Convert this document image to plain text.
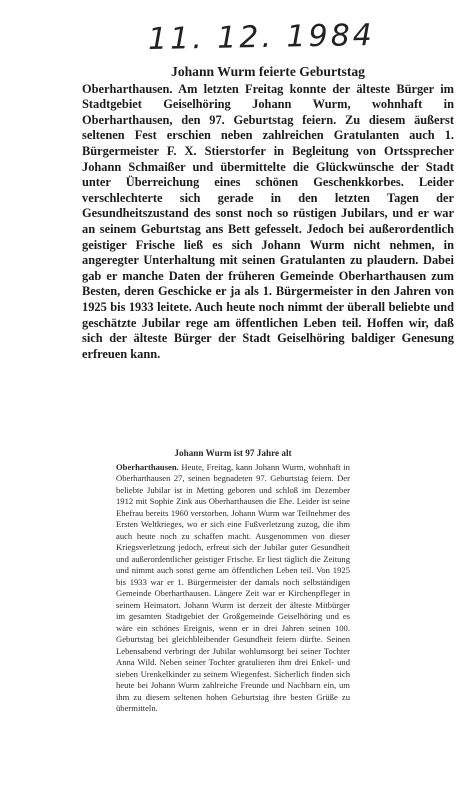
11. 12. 1984
Johann Wurm feierte Geburtstag

Oberharthausen. Am letzten Freitag konnte der älteste Bürger im Stadtgebiet Geiselhöring Johann Wurm, wohnhaft in Oberharthausen, den 97. Geburtstag feiern. Zu diesem äußerst seltenen Fest erschien neben zahlreichen Gratulanten auch 1. Bürgermeister F. X. Stierstorfer in Begleitung von Ortssprecher Johann Schmaißer und übermittelte die Glückwünsche der Stadt unter Überreichung eines schönen Geschenkkorbes. Leider verschlechterte sich gerade in den letzten Tagen der Gesundheitszustand des sonst noch so rüstigen Jubilars, und er war an seinem Geburtstag ans Bett gefesselt. Jedoch bei außerordentlich geistiger Frische ließ es sich Johann Wurm nicht nehmen, in angeregter Unterhaltung mit seinen Gratulanten zu plaudern. Dabei gab er manche Daten der früheren Gemeinde Oberharthausen zum Besten, deren Geschicke er ja als 1. Bürgermeister in den Jahren von 1925 bis 1933 leitete. Auch heute noch nimmt der überall beliebte und geschätzte Jubilar rege am öffentlichen Leben teil. Hoffen wir, daß sich der älteste Bürger der Stadt Geiselhöring baldiger Genesung erfreuen kann.

Johann Wurm ist 97 Jahre alt

Oberharthausen. Heute, Freitag, kann Johann Wurm, wohnhaft in Oberharthausen 27, seinen begnadeten 97. Geburtstag feiern. Der beliebte Jubilar ist in Metting geboren und schloß im Dezember 1912 mit Sophie Zink aus Oberharthausen die Ehe. Leider ist seine Ehefrau bereits 1960 verstorben. Johann Wurm war Teilnehmer des Ersten Weltkrieges, wo er sich eine Fußverletzung zuzog, die ihm auch heute noch zu schaffen macht. Ausgenommen von dieser Kriegsverletzung jedoch, erfreut sich der Jubilar guter Gesundheit und außerordentlicher geistiger Frische. Er liest täglich die Zeitung und nimmt auch sonst gerne am öffentlichen Leben teil. Von 1925 bis 1933 war er 1. Bürgermeister der damals noch selbständigen Gemeinde Oberharthausen. Längere Zeit war er Kirchenpfleger in seinem Heimatort. Johann Wurm ist derzeit der älteste Mitbürger im gesamten Stadtgebiet der Großgemeinde Geiselhöring und es wäre ein schönes Ereignis, wenn er in drei Jahren seinen 100. Geburtstag bei gleichbleibender Gesundheit feiern dürfte. Seinen Lebensabend verbringt der Jubilar wohlumsorgt bei seiner Tochter Anna Wild. Neben seiner Tochter gratulieren ihm drei Enkel- und sieben Urenkelkinder zu seinem Wiegenfest. Sicherlich finden sich heute bei Johann Wurm zahlreiche Freunde und Nachbarn ein, um ihm zu diesem seltenen hohen Geburtstag ihre besten Grüße zu übermitteln.
